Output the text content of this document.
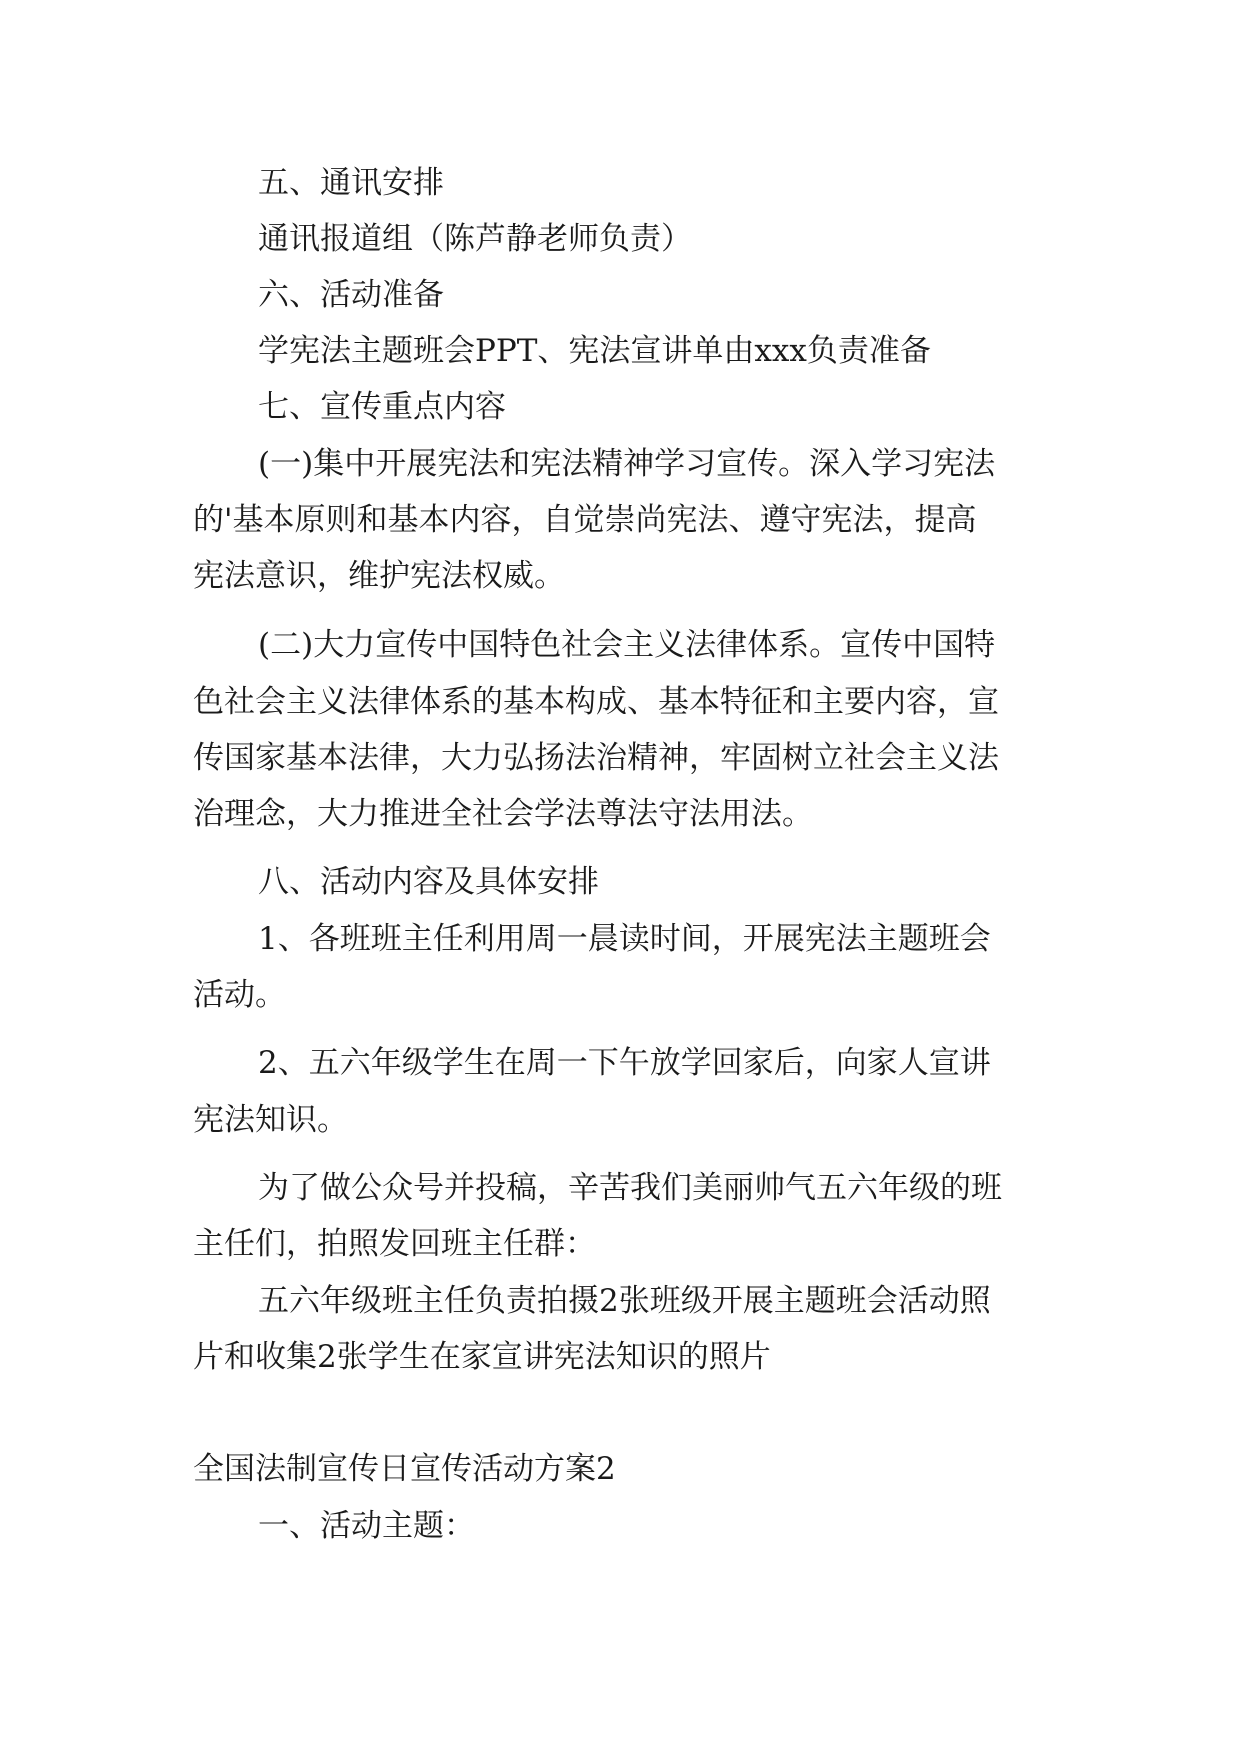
五、通讯安排

通讯报道组（陈芦静老师负责）

六、活动准备

学宪法主题班会PPT、宪法宣讲单由xxx负责准备

七、宣传重点内容

(一)集中开展宪法和宪法精神学习宣传。深入学习宪法

的'基本原则和基本内容，自觉崇尚宪法、遵守宪法，提高

宪法意识，维护宪法权威。

(二)大力宣传中国特色社会主义法律体系。宣传中国特

色社会主义法律体系的基本构成、基本特征和主要内容，宣

传国家基本法律，大力弘扬法治精神，牢固树立社会主义法

治理念，大力推进全社会学法尊法守法用法。

八、活动内容及具体安排

1、各班班主任利用周一晨读时间，开展宪法主题班会

活动。

2、五六年级学生在周一下午放学回家后，向家人宣讲

宪法知识。

为了做公众号并投稿，辛苦我们美丽帅气五六年级的班

主任们，拍照发回班主任群：

五六年级班主任负责拍摄2张班级开展主题班会活动照

片和收集2张学生在家宣讲宪法知识的照片

全国法制宣传日宣传活动方案2

一、活动主题：
